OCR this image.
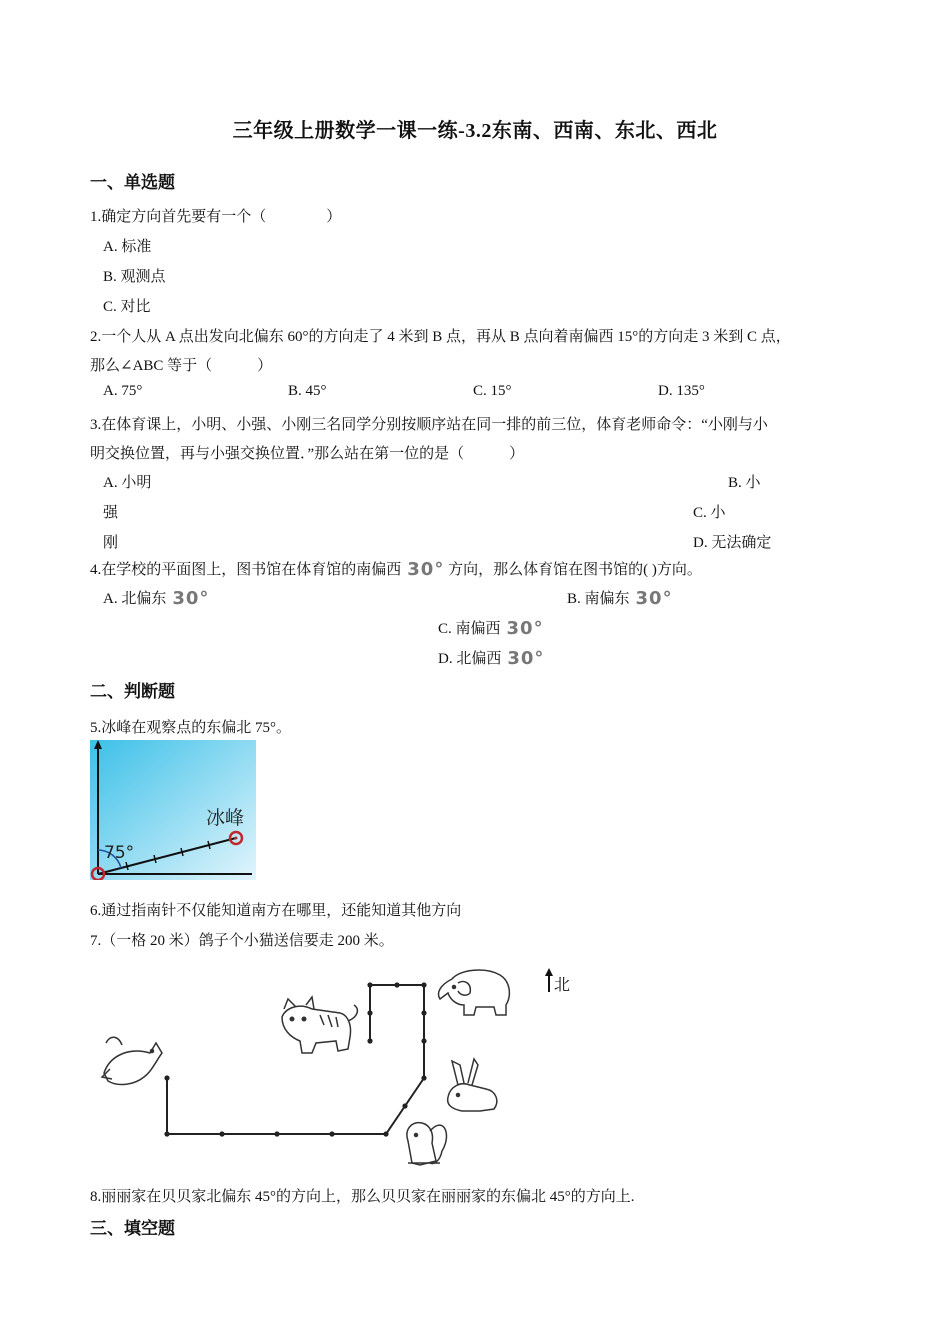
三年级上册数学一课一练-3.2东南、西南、东北、西北
一、单选题
1.确定方向首先要有一个（　　　　）
A. 标准
B. 观测点
C. 对比
2.一个人从 A 点出发向北偏东 60°的方向走了 4 米到 B 点，再从 B 点向着南偏西 15°的方向走 3 米到 C 点，
那么∠ABC 等于（　　　）
A. 75°	B. 45°	C. 15°	D. 135°
3.在体育课上，小明、小强、小刚三名同学分别按顺序站在同一排的前三位，体育老师命令：“小刚与小
明交换位置，再与小强交换位置．”那么站在第一位的是（　　　）
A. 小明	B. 小
强	C. 小
刚	D. 无法确定
4.在学校的平面图上，图书馆在体育馆的南偏西 30° 方向，那么体育馆在图书馆的( )方向。
A. 北偏东 30°	B. 南偏东 30°
C. 南偏西 30°
D. 北偏西 30°
二、判断题
5.冰峰在观察点的东偏北 75°。
75°
冰峰
6.通过指南针不仅能知道南方在哪里，还能知道其他方向
7.（一格 20 米）鸽子个小猫送信要走 200 米。
北
8.丽丽家在贝贝家北偏东 45°的方向上，那么贝贝家在丽丽家的东偏北 45°的方向上.
三、填空题
